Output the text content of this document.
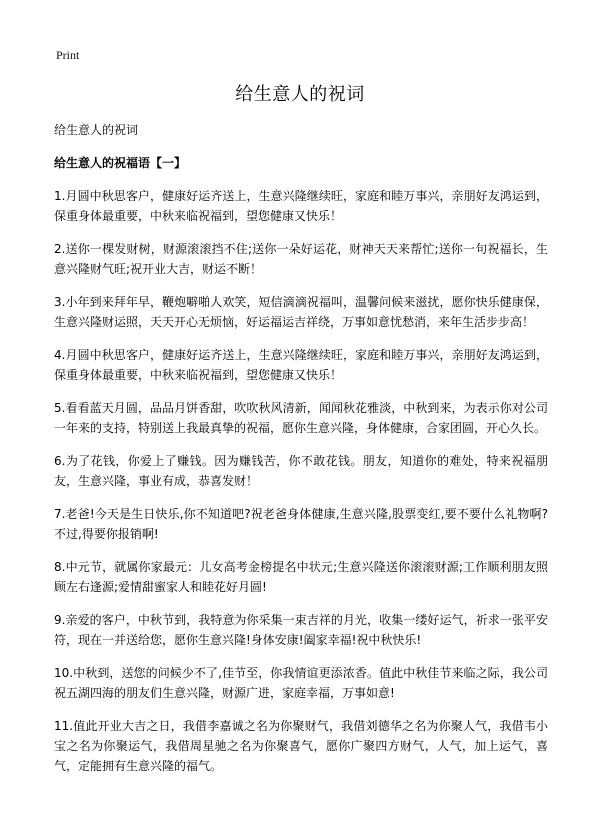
Print
给生意人的祝词
给生意人的祝词
给生意人的祝福语【一】
1.月圆中秋思客户，健康好运齐送上，生意兴隆继续旺，家庭和睦万事兴，亲朋好友鸿运到，保重身体最重要，中秋来临祝福到，望您健康又快乐！
2.送你一棵发财树，财源滚滚挡不住;送你一朵好运花，财神天天来帮忙;送你一句祝福长，生意兴隆财气旺;祝开业大吉，财运不断！
3.小年到来拜年早，鞭炮噼啪人欢笑，短信滴滴祝福叫，温馨问候来滋扰，愿你快乐健康保，生意兴隆财运照，天天开心无烦恼，好运福运吉祥绕，万事如意忧愁消，来年生活步步高！
4.月圆中秋思客户，健康好运齐送上，生意兴隆继续旺，家庭和睦万事兴，亲朋好友鸿运到，保重身体最重要，中秋来临祝福到，望您健康又快乐！
5.看看蓝天月圆，品品月饼香甜，吹吹秋风清新，闻闻秋花雅淡，中秋到来，为表示你对公司一年来的支持，特别送上我最真挚的祝福，愿你生意兴隆，身体健康，合家团圆，开心久长。
6.为了花钱，你爱上了赚钱。因为赚钱苦，你不敢花钱。朋友，知道你的难处，特来祝福朋友，生意兴隆，事业有成，恭喜发财！
7.老爸!今天是生日快乐,你不知道吧?祝老爸身体健康,生意兴隆,股票变红,要不要什么礼物啊?不过,得要你报销啊!
8.中元节，就属你家最元：儿女高考金榜提名中状元;生意兴隆送你滚滚财源;工作顺利朋友照顾左右逢源;爱情甜蜜家人和睦花好月圆!
9.亲爱的客户，中秋节到，我特意为你采集一束吉祥的月光，收集一缕好运气，祈求一张平安符，现在一并送给您，愿你生意兴隆!身体安康!阖家幸福!祝中秋快乐!
10.中秋到，送您的问候少不了,佳节至，你我情谊更添浓香。值此中秋佳节来临之际，我公司祝五湖四海的朋友们生意兴隆，财源广进，家庭幸福，万事如意!
11.值此开业大吉之日，我借李嘉诚之名为你聚财气，我借刘德华之名为你聚人气，我借韦小宝之名为你聚运气，我借周星驰之名为你聚喜气，愿你广聚四方财气，人气，加上运气，喜气，定能拥有生意兴隆的福气。
